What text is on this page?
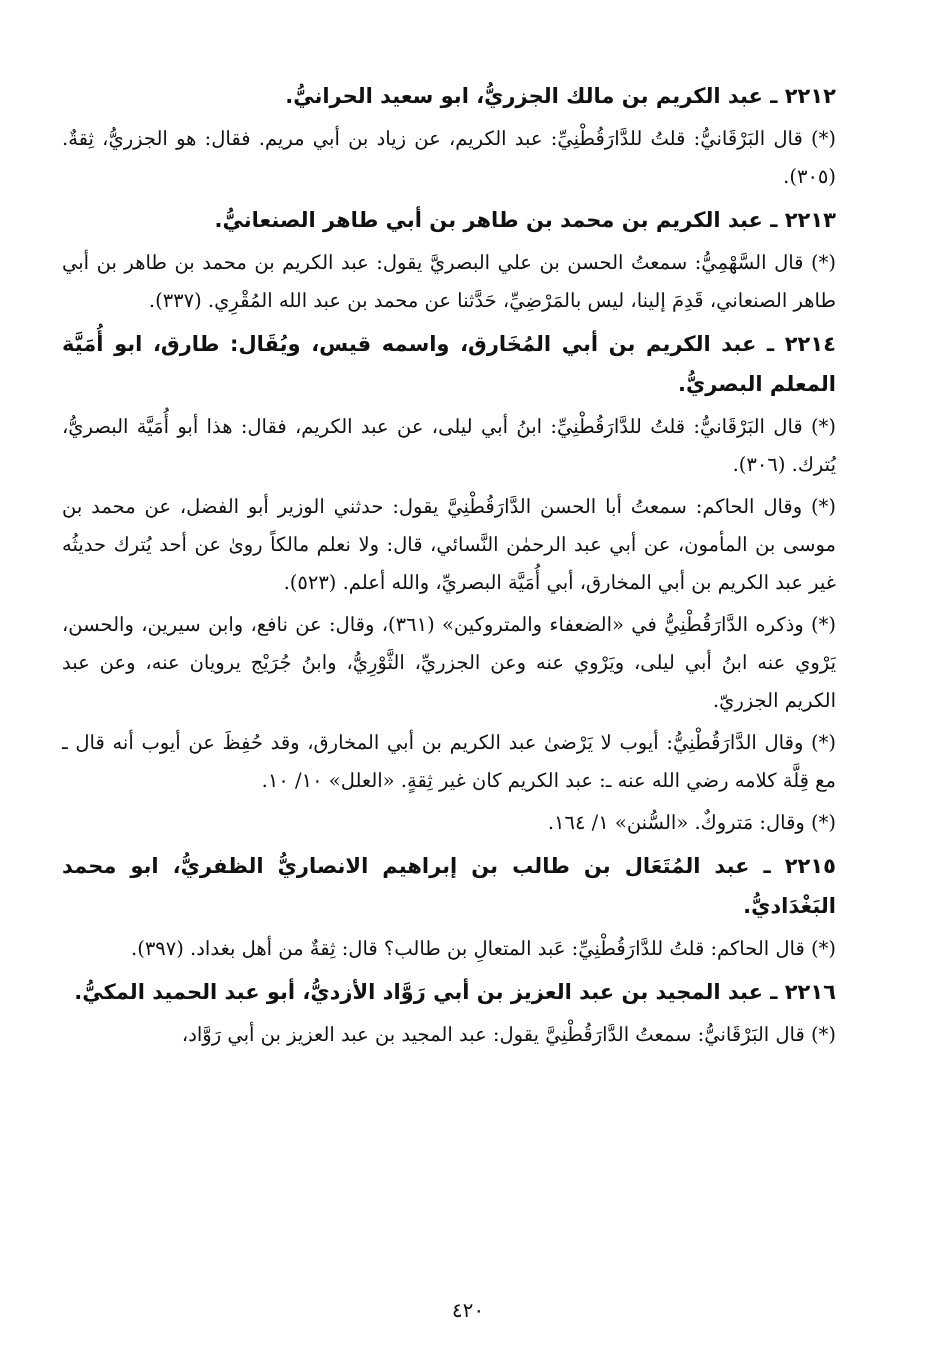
٢٢١٢ ـ عبد الكريم بن مالك الجزريُّ، ابو سعيد الحرانيُّ.
(*) قال البَرْقَانيُّ: قلتُ للدَّارَقُطْنِيِّ: عبد الكريم، عن زياد بن أبي مريم. فقال: هو الجزريُّ، ثِقةٌ. (٣٠٥).
٢٢١٣ ـ عبد الكريم بن محمد بن طاهر بن أبي طاهر الصنعانيُّ.
(*) قال السَّهْمِيُّ: سمعتُ الحسن بن علي البصريَّ يقول: عبد الكريم بن محمد بن طاهر بن أبي طاهر الصنعاني، قَدِمَ إلينا، ليس بالمَرْضِيِّ، حَدَّثنا عن محمد بن عبد الله المُقْرِي. (٣٣٧).
٢٢١٤ ـ عبد الكريم بن أبي المُخَارق، واسمه قيس، ويُقَال: طارق، ابو أُمَيَّة المعلم البصريُّ.
(*) قال البَرْقَانيُّ: قلتُ للدَّارَقُطْنِيِّ: ابنُ أبي ليلى، عن عبد الكريم، فقال: هذا أبو أُمَيَّة البصريُّ، يُترك. (٣٠٦).
(*) وقال الحاكم: سمعتُ أبا الحسن الدَّارَقُطْنِيَّ يقول: حدثني الوزير أبو الفضل، عن محمد بن موسى بن المأمون، عن أبي عبد الرحمٰن النَّسائي، قال: ولا نعلم مالكاً روىٰ عن أحد يُترك حديثُه غير عبد الكريم بن أبي المخارق، أبي أُمَيَّة البصريِّ، والله أعلم. (٥٢٣).
(*) وذكره الدَّارَقُطْنِيُّ في «الضعفاء والمتروكين» (٣٦١)، وقال: عن نافع، وابن سيرين، والحسن، يَرْوي عنه ابنُ أبي ليلى، ويَرْوي عنه وعن الجزريِّ، الثَّوْرِيُّ، وابنُ جُرَيْج يرويان عنه، وعن عبد الكريم الجزريّ.
(*) وقال الدَّارَقُطْنِيُّ: أيوب لا يَرْضىٰ عبد الكريم بن أبي المخارق، وقد حُفِظَ عن أيوب أنه قال ـ مع قِلَّة كلامه رضي الله عنه ـ: عبد الكريم كان غير ثِقةٍ. «العلل» ١٠/ ١٠.
(*) وقال: مَتروكٌ. «السُّنن» ١/ ١٦٤.
٢٢١٥ ـ عبد المُتَعَال بن طالب بن إبراهيم الانصاريُّ الظفريُّ، ابو محمد البَغْدَاديُّ.
(*) قال الحاكم: قلتُ للدَّارَقُطْنِيِّ: عَبد المتعالِ بن طالب؟ قال: ثِقةٌ من أهل بغداد. (٣٩٧).
٢٢١٦ ـ عبد المجيد بن عبد العزيز بن أبي رَوَّاد الأزديُّ، أبو عبد الحميد المكيُّ.
(*) قال البَرْقَانيُّ: سمعتُ الدَّارَقُطْنِيَّ يقول: عبد المجيد بن عبد العزيز بن أبي رَوَّاد،
٤٢٠
